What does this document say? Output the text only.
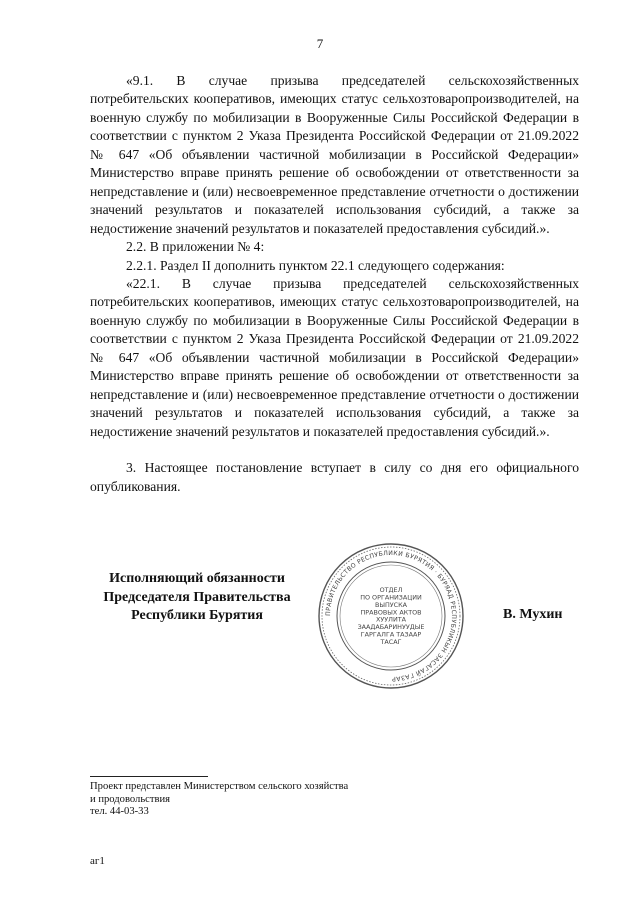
7

«9.1. В случае призыва председателей сельскохозяйственных потребительских кооперативов, имеющих статус сельхозтоваропроизводителей, на военную службу по мобилизации в Вооруженные Силы Российской Федерации в соответствии с пунктом 2 Указа Президента Российской Федерации от 21.09.2022 № 647 «Об объявлении частичной мобилизации в Российской Федерации» Министерство вправе принять решение об освобождении от ответственности за непредставление и (или) несвоевременное представление отчетности о достижении значений результатов и показателей использования субсидий, а также за недостижение значений результатов и показателей предоставления субсидий.».

2.2. В приложении № 4:

2.2.1. Раздел II дополнить пунктом 22.1 следующего содержания:

«22.1. В случае призыва председателей сельскохозяйственных потребительских кооперативов, имеющих статус сельхозтоваропроизводителей, на военную службу по мобилизации в Вооруженные Силы Российской Федерации в соответствии с пунктом 2 Указа Президента Российской Федерации от 21.09.2022 № 647 «Об объявлении частичной мобилизации в Российской Федерации» Министерство вправе принять решение об освобождении от ответственности за непредставление и (или) несвоевременное представление отчетности о достижении значений результатов и показателей использования субсидий, а также за недостижение значений результатов и показателей предоставления субсидий.».

3. Настоящее постановление вступает в силу со дня его официального опубликования.

Исполняющий обязанности
Председателя Правительства
Республики Бурятия	ПРАВИТЕЛЬСТВО РЕСПУБЛИКИ БУРЯТИЯ · БУРЯАД РЕСПУБЛИКЫН ЗАСАГАЙ ГАЗАР
ОТДЕЛ
ПО ОРГАНИЗАЦИИ
ВЫПУСКА
ПРАВОВЫХ АКТОВ
ХУУЛИТА
ЗААДАБАРИНУУДЫЕ
ГАРГАЛГА ТАЗААР
ТАСАГ
В. Мухин
Проект представлен Министерством сельского хозяйства
и продовольствия
тел. 44-03-33
аг1
